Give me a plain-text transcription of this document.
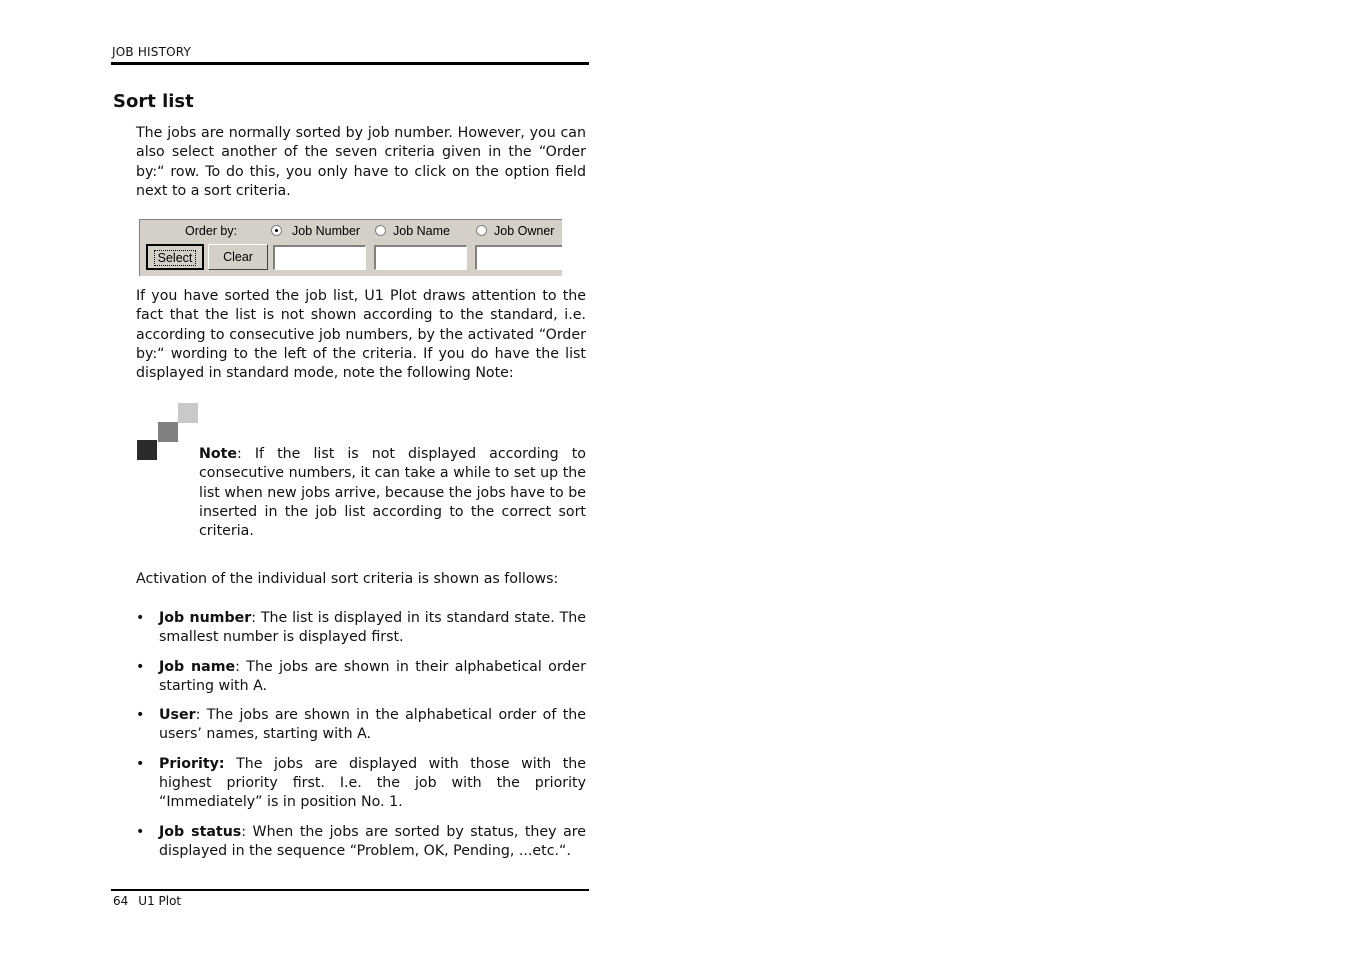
JOB HISTORY
Sort list
The jobs are normally sorted by job number. However, you can also select another of the seven criteria given in the “Order by:“ row. To do this, you only have to click on the option field next to a sort criteria.
Order by:	Job Number	Job Name	Job Owner
Select	Clear
If you have sorted the job list, U1 Plot draws attention to the fact that the list is not shown according to the standard, i.e. according to consecutive job numbers, by the activated “Order by:“ wording to the left of the criteria. If you do have the list displayed in standard mode, note the following Note:
Note: If the list is not displayed according to consecutive numbers, it can take a while to set up the list when new jobs arrive, because the jobs have to be inserted in the job list according to the correct sort criteria.
Activation of the individual sort criteria is shown as follows:
• Job number: The list is displayed in its standard state. The smallest number is displayed first.
• Job name: The jobs are shown in their alphabetical order starting with A.
• User: The jobs are shown in the alphabetical order of the users’ names, starting with A.
• Priority: The jobs are displayed with those with the highest priority first. I.e. the job with the priority “Immediately” is in position No. 1.
• Job status: When the jobs are sorted by status, they are displayed in the sequence “Problem, OK, Pending, ...etc.“.
64 U1 Plot
